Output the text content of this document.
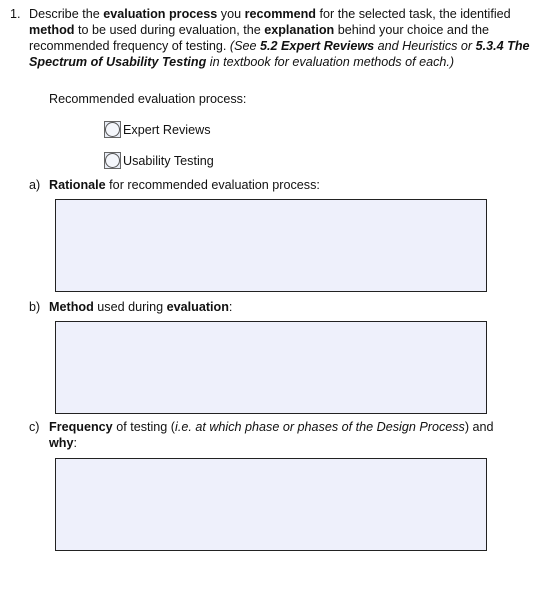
1. Describe the evaluation process you recommend for the selected task, the identified method to be used during evaluation, the explanation behind your choice and the recommended frequency of testing. (See 5.2 Expert Reviews and Heuristics or 5.3.4 The Spectrum of Usability Testing in textbook for evaluation methods of each.)
Recommended evaluation process:
Expert Reviews
Usability Testing
a) Rationale for recommended evaluation process:
b) Method used during evaluation:
c) Frequency of testing (i.e. at which phase or phases of the Design Process) and why:
